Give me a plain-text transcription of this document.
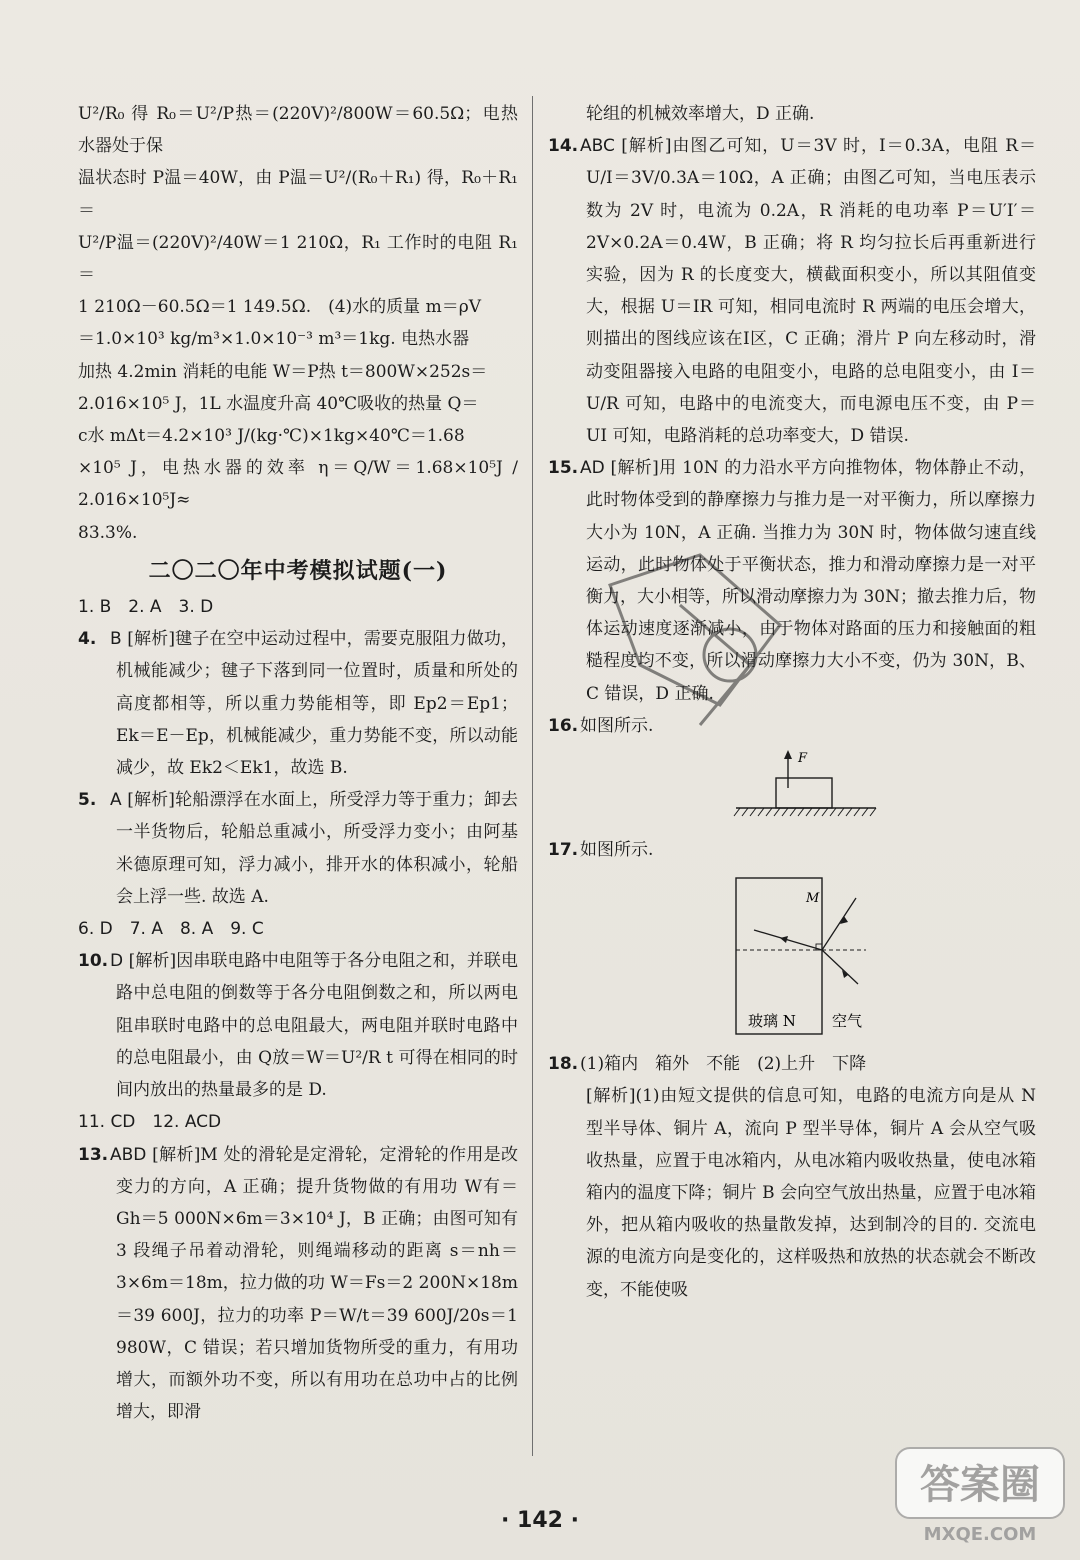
U²/R₀ 得 R₀＝U²/P热＝(220V)²/800W＝60.5Ω；电热水器处于保

温状态时 P温＝40W，由 P温＝U²/(R₀＋R₁) 得，R₀＋R₁＝

U²/P温＝(220V)²/40W＝1 210Ω，R₁ 工作时的电阻 R₁＝

1 210Ω－60.5Ω＝1 149.5Ω.　(4)水的质量 m＝ρV

＝1.0×10³ kg/m³×1.0×10⁻³ m³＝1kg. 电热水器

加热 4.2min 消耗的电能 W＝P热 t＝800W×252s＝

2.016×10⁵ J，1L 水温度升高 40℃吸收的热量 Q＝

c水 mΔt＝4.2×10³ J/(kg·℃)×1kg×40℃＝1.68

×10⁵ J，电热水器的效率 η＝Q/W＝1.68×10⁵J / 2.016×10⁵J≈

83.3%.

二〇二〇年中考模拟试题(一)

1. B　2. A　3. D

4. B [解析]毽子在空中运动过程中，需要克服阻力做功，机械能减少；毽子下落到同一位置时，质量和所处的高度都相等，所以重力势能相等，即 Ep2＝Ep1；Ek＝E－Ep，机械能减少，重力势能不变，所以动能减少，故 Ek2＜Ek1，故选 B.

5. A [解析]轮船漂浮在水面上，所受浮力等于重力；卸去一半货物后，轮船总重减小，所受浮力变小；由阿基米德原理可知，浮力减小，排开水的体积减小，轮船会上浮一些. 故选 A.

6. D　7. A　8. A　9. C

10. D [解析]因串联电路中电阻等于各分电阻之和，并联电路中总电阻的倒数等于各分电阻倒数之和，所以两电阻串联时电路中的总电阻最大，两电阻并联时电路中的总电阻最小，由 Q放＝W＝U²/R t 可得在相同的时间内放出的热量最多的是 D.

11. CD　12. ACD

13. ABD [解析]M 处的滑轮是定滑轮，定滑轮的作用是改变力的方向，A 正确；提升货物做的有用功 W有＝Gh＝5 000N×6m＝3×10⁴ J，B 正确；由图可知有 3 段绳子吊着动滑轮，则绳端移动的距离 s＝nh＝3×6m＝18m，拉力做的功 W＝Fs＝2 200N×18m＝39 600J，拉力的功率 P＝W/t＝39 600J/20s＝1 980W，C 错误；若只增加货物所受的重力，有用功增大，而额外功不变，所以有用功在总功中占的比例增大，即滑

轮组的机械效率增大，D 正确.

14. ABC [解析]由图乙可知，U＝3V 时，I＝0.3A，电阻 R＝U/I＝3V/0.3A＝10Ω，A 正确；由图乙可知，当电压表示数为 2V 时，电流为 0.2A，R 消耗的电功率 P＝U′I′＝2V×0.2A＝0.4W，B 正确；将 R 均匀拉长后再重新进行实验，因为 R 的长度变大，横截面积变小，所以其阻值变大，根据 U＝IR 可知，相同电流时 R 两端的电压会增大，则描出的图线应该在Ⅰ区，C 正确；滑片 P 向左移动时，滑动变阻器接入电路的电阻变小，电路的总电阻变小，由 I＝U/R 可知，电路中的电流变大，而电源电压不变，由 P＝UI 可知，电路消耗的总功率变大，D 错误.

15. AD [解析]用 10N 的力沿水平方向推物体，物体静止不动，此时物体受到的静摩擦力与推力是一对平衡力，所以摩擦力大小为 10N，A 正确. 当推力为 30N 时，物体做匀速直线运动，此时物体处于平衡状态，推力和滑动摩擦力是一对平衡力，大小相等，所以滑动摩擦力为 30N；撤去推力后，物体运动速度逐渐减小，由于物体对路面的压力和接触面的粗糙程度均不变，所以滑动摩擦力大小不变，仍为 30N，B、C 错误，D 正确.

16. 如图所示.

F

17. 如图所示.

M
玻璃 N 空气

18. (1)箱内　箱外　不能　(2)上升　下降

[解析](1)由短文提供的信息可知，电路的电流方向是从 N 型半导体、铜片 A，流向 P 型半导体，铜片 A 会从空气吸收热量，应置于电冰箱内，从电冰箱内吸收热量，使电冰箱箱内的温度下降；铜片 B 会向空气放出热量，应置于电冰箱外，把从箱内吸收的热量散发掉，达到制冷的目的. 交流电源的电流方向是变化的，这样吸热和放热的状态就会不断改变，不能使吸

· 142 ·
答案圈
MXQE.COM
